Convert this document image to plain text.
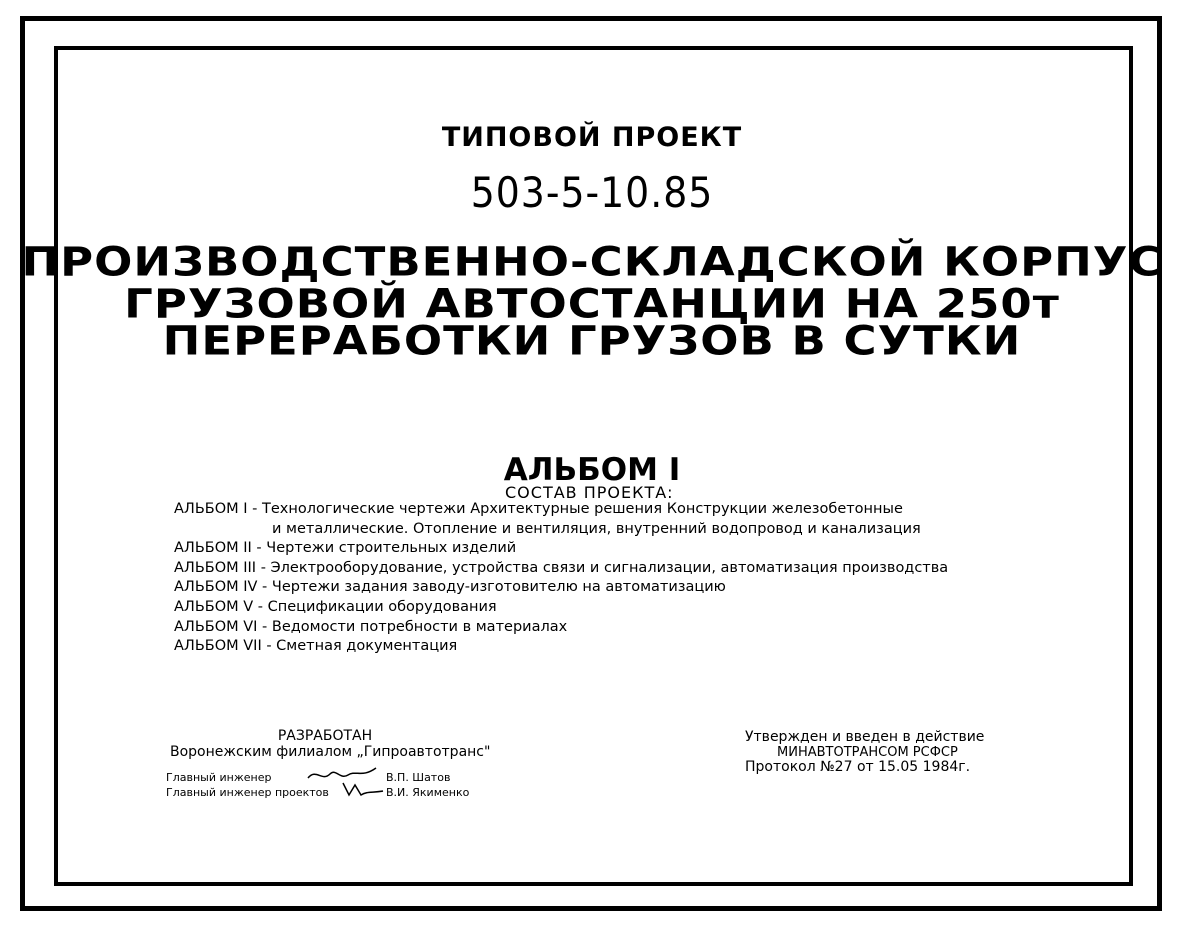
ТИПОВОЙ ПРОЕКТ
503-5-10.85
ПРОИЗВОДСТВЕННО-СКЛАДСКОЙ КОРПУС
ГРУЗОВОЙ АВТОСТАНЦИИ НА 250т
ПЕРЕРАБОТКИ ГРУЗОВ В СУТКИ
АЛЬБОМ I
СОСТАВ ПРОЕКТА:
АЛЬБОМ I - Технологические чертежи Архитектурные решения Конструкции железобетонные
и металлические. Отопление и вентиляция, внутренний водопровод и канализация
АЛЬБОМ II - Чертежи строительных изделий
АЛЬБОМ III - Электрооборудование, устройства связи и сигнализации, автоматизация производства
АЛЬБОМ IV - Чертежи задания заводу-изготовителю на автоматизацию
АЛЬБОМ V - Спецификации оборудования
АЛЬБОМ VI - Ведомости потребности в материалах
АЛЬБОМ VII - Сметная документация
РАЗРАБОТАН
Воронежским филиалом „Гипроавтотранс"
Главный инженер	В.П. Шатов
Главный инженер проектов	В.И. Якименко
Утвержден и введен в действие
МИНАВТОТРАНСОМ РСФСР
Протокол №27 от 15.05 1984г.
